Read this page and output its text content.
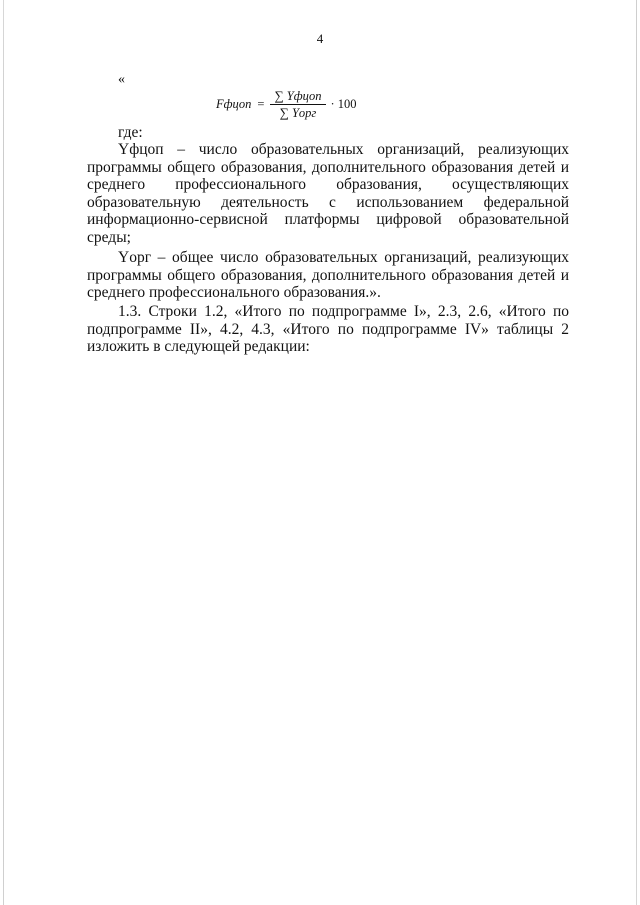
4
«
Fфцоп = $\frac{\text{∑ Yфцоп}}{\text{∑ Yорг}} \cdot 100$
где:

Yфцоп – число образовательных организаций, реализующих программы общего образования, дополнительного образования детей и среднего профессионального образования, осуществляющих образовательную деятельность с использованием федеральной информационно-сервисной платформы цифровой образовательной среды;

Yорг – общее число образовательных организаций, реализующих программы общего образования, дополнительного образования детей и среднего профессионального образования.».

1.3. Строки 1.2, «Итого по подпрограмме I», 2.3, 2.6, «Итого по подпрограмме II», 4.2, 4.3, «Итого по подпрограмме IV» таблицы 2 изложить в следующей редакции:
